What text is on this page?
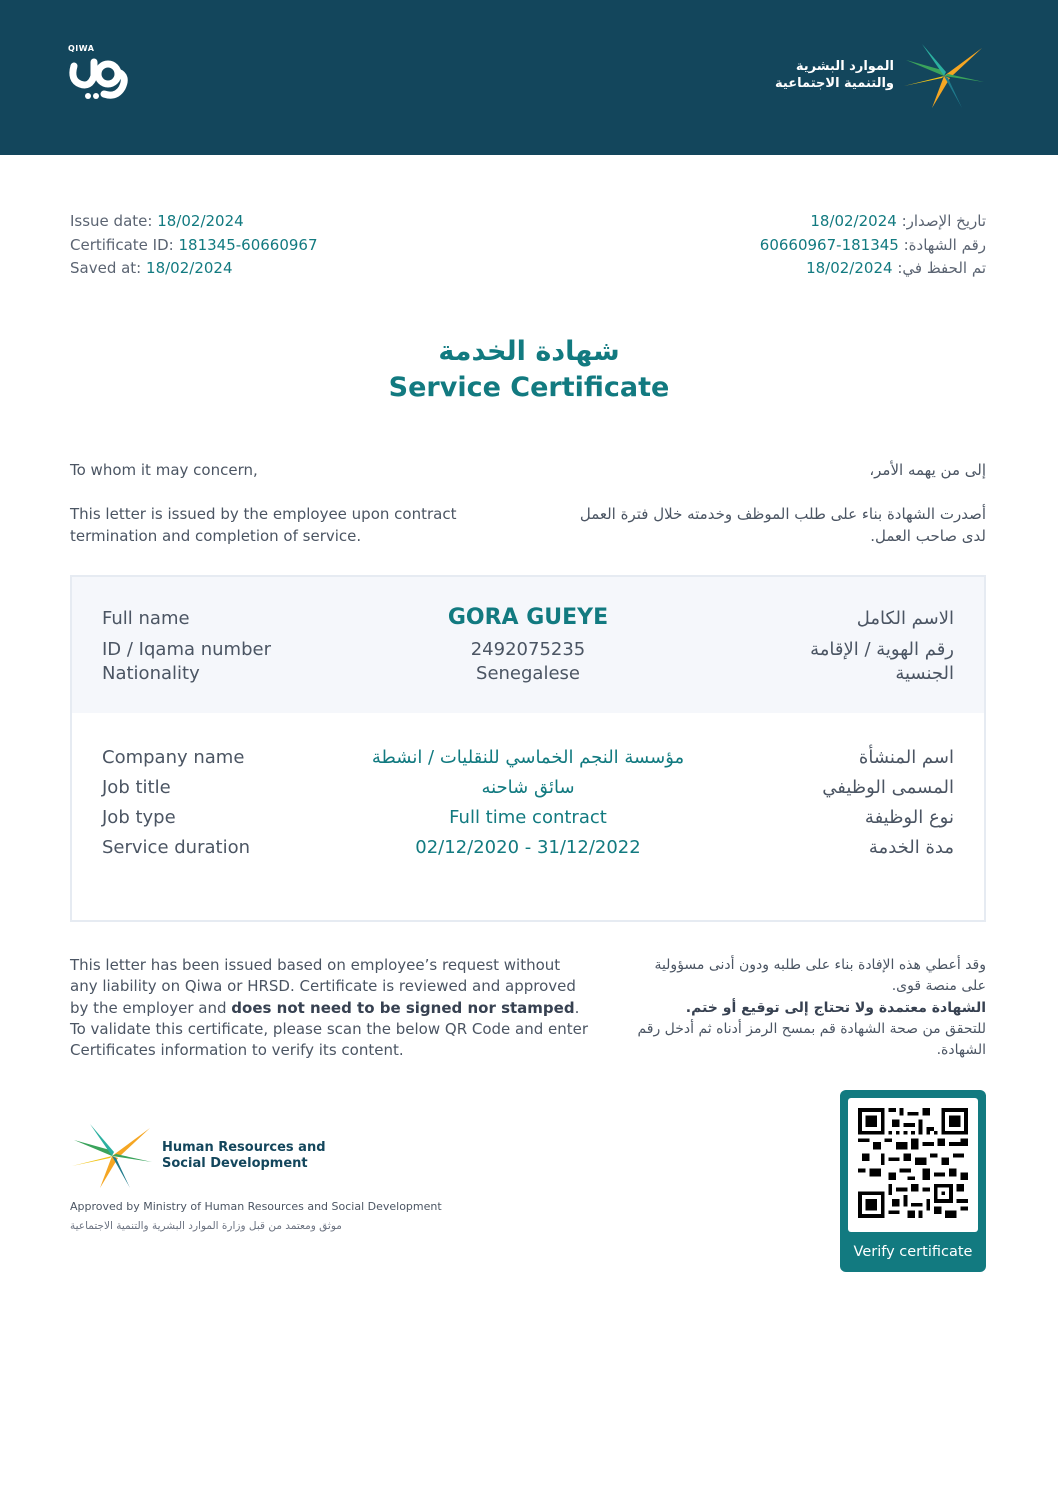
QIWA
الموارد البشرية
والتنمية الاجتماعية
Issue date: 18/02/2024
Certificate ID: 181345-60660967
Saved at: 18/02/2024
تاريخ الإصدار: 18/02/2024
رقم الشهادة: 181345-60660967
تم الحفظ في: 18/02/2024
شهادة الخدمة
Service Certificate
To whom it may concern,	إلى من يهمه الأمر،
This letter is issued by the employee upon contract termination and completion of service.
أصدرت الشهادة بناء على طلب الموظف وخدمته خلال فترة العمل لدى صاحب العمل.
Full name	GORA GUEYE	الاسم الكامل
ID / Iqama number	2492075235	رقم الهوية / الإقامة
Nationality	Senegalese	الجنسية
Company name	مؤسسة النجم الخماسي للنقليات / انشطة	اسم المنشأة
Job title	سائق شاحنه	المسمى الوظيفي
Job type	Full time contract	نوع الوظيفة
Service duration	02/12/2020 - 31/12/2022	مدة الخدمة
This letter has been issued based on employee’s request without any liability on Qiwa or HRSD. Certificate is reviewed and approved by the employer and does not need to be signed nor stamped. To validate this certificate, please scan the below QR Code and enter Certificates information to verify its content.
وقد أعطي هذه الإفادة بناء على طلبه ودون أدنى مسؤولية على منصة قوى.
الشهادة معتمدة ولا تحتاج إلى توقيع أو ختم.
للتحقق من صحة الشهادة قم بمسح الرمز أدناه ثم أدخل رقم الشهادة.
Human Resources and
Social Development
Approved by Ministry of Human Resources and Social Development
موثق ومعتمد من قبل وزارة الموارد البشرية والتنمية الاجتماعية
Verify certificate
